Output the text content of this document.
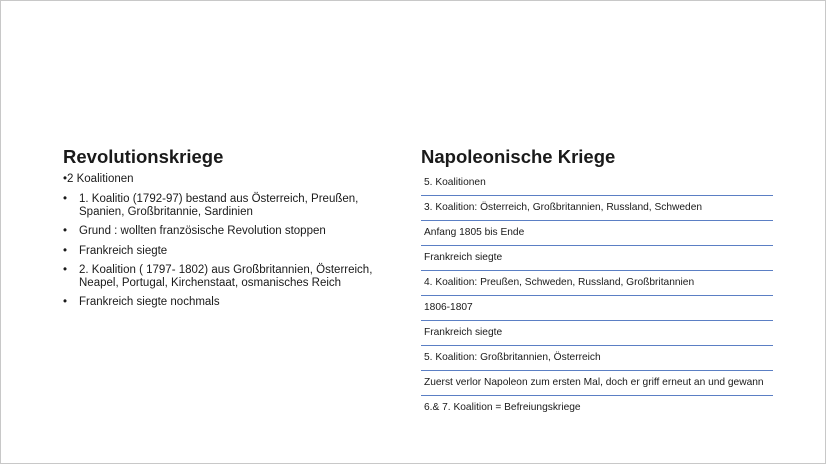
Revolutionskriege
•2 Koalitionen
• 1. Koalitio (1792-97) bestand aus Österreich, Preußen, Spanien, Großbritannie, Sardinien
• Grund : wollten französische Revolution stoppen
• Frankreich siegte
• 2. Koalition ( 1797- 1802) aus Großbritannien, Österreich, Neapel, Portugal, Kirchenstaat, osmanisches Reich
• Frankreich siegte nochmals
Napoleonische Kriege
5. Koalitionen
3. Koalition: Österreich, Großbritannien, Russland, Schweden
Anfang 1805 bis Ende
Frankreich siegte
4. Koalition: Preußen, Schweden, Russland, Großbritannien
1806-1807
Frankreich siegte
5. Koalition: Großbritannien, Österreich
Zuerst verlor Napoleon zum ersten Mal, doch er griff erneut an und gewann
6.& 7. Koalition = Befreiungskriege
